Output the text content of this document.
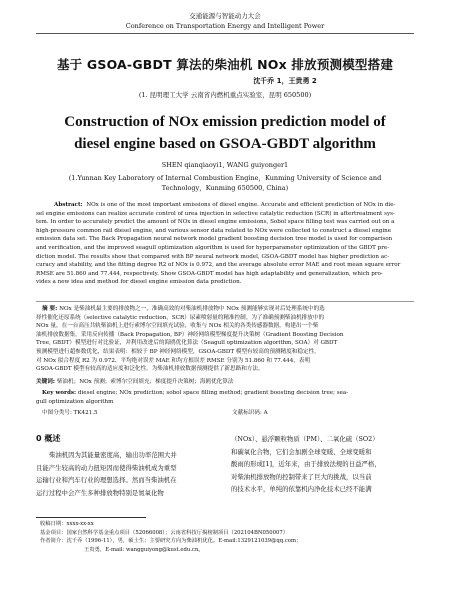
交通能源与智能动力大会
Conference on Transportation Energy and Intelligent Power
基于 GSOA-GBDT 算法的柴油机 NOx 排放预测模型搭建
沈千乔 1，王贵勇 2
(1. 昆明理工大学 云南省内燃机重点实验室，昆明 650500)
Construction of NOx emission prediction model of
diesel engine based on GSOA-GBDT algorithm
SHEN qianqiaoyi1, WANG guiyonger1
(1.Yunnan Key Laboratory of Internal Combustion Engine，Kunming University of Science and
Technology，Kunming 650500, China)
Abstract: NOx is one of the most important emissions of diesel engine. Accurate and efficient prediction of NOx in die-
sel engine emissions can realize accurate control of urea injection in selective catalytic reduction (SCR) in aftertreatment sys-
tem. In order to accurately predict the amount of NOx in diesel engine emissions, Sobol space filling test was carried out on a
high-pressure common rail diesel engine, and various sensor data related to NOx were collected to construct a diesel engine
emission data set. The Back Propagation neural network model gradient boosting decision tree model is used for comparison
and verification, and the improved seagull optimization algorithm is used for hyperparameter optimization of the GBDT pre-
diction model. The results show that compared with BP neural network model, GSOA-GBDT model has higher prediction ac-
curacy and stability, and the fitting degree R2 of NOx is 0.972, and the average absolute error MAE and root mean square error
RMSE are 51.860 and 77.444, respectively. Show GSOA-GBDT model has high adaptability and generalization, which pro-
vides a new idea and method for diesel engine emission data prediction.
摘 要: NOx 是柴油机最主要的排放物之一，准确高效的对柴油机排放物中 NOx 预测能够实现对后处理系统中的选
择性催化还原系统（selective catalytic reduction，SCR）尿素喷射量的精准控制。为了准确预测柴油机排放中的
NOx 量，在一台高压共轨柴油机上进行索博尔空间填充试验，收集与 NOx 相关的各类传感器数据，构建出一个柴
油机排放数据集。采用反向传播（Back Propagation, BP）神经网络模型梯度提升决策树（Gradient Boosting Decision
Tree, GBDT）模型进行对比验证，并利用改进后的海鸥优化算法（Seagull optimization algorithm, SOA）对 GBDT
预测模型进行超参数优化，结果表明：相较于 BP 神经网络模型，GSOA-GBDT 模型有较高的预测精度和稳定性，
对 NOx 拟合程度 R2 为 0.972、平均绝对误差 MAE 和均方根误差 RMSE 分别为 51.860 和 77.444，表明
GSOA-GBDT 模型有较高的适应度和泛化性，为柴油机排放数据预测提供了新思路和方法。
关键词: 柴油机；NOx 预测；索博尔空间填充；梯度提升决策树；海鸥优化算法
Key words: diesel engine; NOx prediction; sobol space filling method; gradient boosting decision tree; sea-
gull optimization algorithm
中图分类号: TK421.5	文献标识码: A
0 概述
柴油机因为其能量密度高，输出功率范围大并
且能产生较高的动力扭矩因而使得柴油机成为重型
运输行业和汽车行业的理想选择。然而当柴油机在
运行过程中会产生多种排放物特别是氮氧化物
（NOx）、悬浮颗粒物质（PM）、二氧化硫（SO2）
和碳氧化合物，它们会加剧全球变暖、全球变暖和
酸雨的形成[1]，近年来，由于排放法规的日益严格，
对柴油机排放物的控制带来了巨大的挑战，以当前
的技术水平，单纯的依靠机内净化技术已经不能满
收稿日期：xxxx-xx-xx
基金项目：国家自然科学基金重点项目（52066008）；云南省科技厅揭榜制项目（202104BN050007）
作者简介：沈千乔（1996-11），男，硕士生；主要研究方向为柴油机优化。E-mail:1329121039@qq.com；
王贵勇，E-mail: wangguiyong@kust.edu.cn。
